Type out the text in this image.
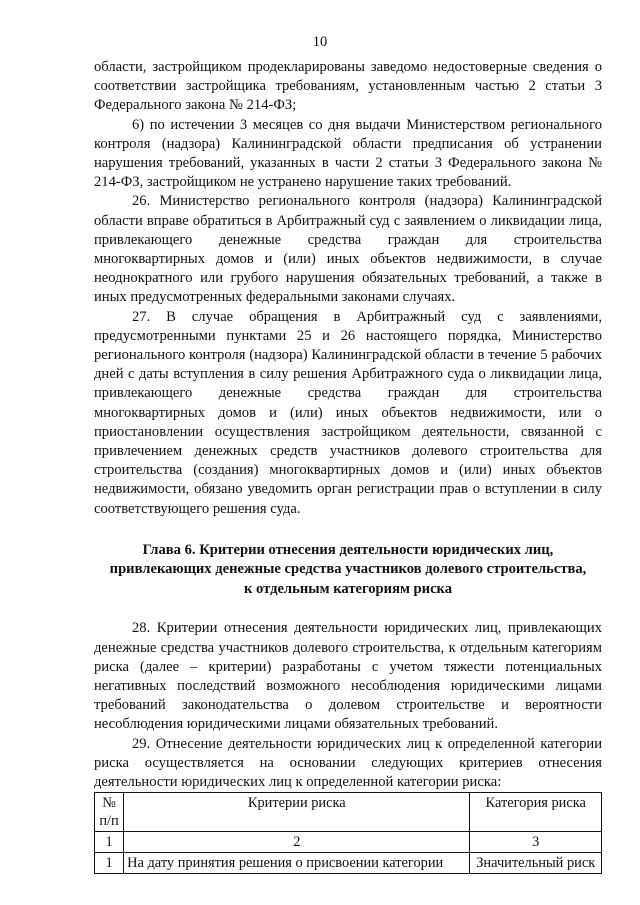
10

области, застройщиком продекларированы заведомо недостоверные сведения о соответствии застройщика требованиям, установленным частью 2 статьи 3 Федерального закона № 214-ФЗ;

6) по истечении 3 месяцев со дня выдачи Министерством регионального контроля (надзора) Калининградской области предписания об устранении нарушения требований, указанных в части 2 статьи 3 Федерального закона № 214-ФЗ, застройщиком не устранено нарушение таких требований.

26. Министерство регионального контроля (надзора) Калининградской области вправе обратиться в Арбитражный суд с заявлением о ликвидации лица, привлекающего денежные средства граждан для строительства многоквартирных домов и (или) иных объектов недвижимости, в случае неоднократного или грубого нарушения обязательных требований, а также в иных предусмотренных федеральными законами случаях.

27. В случае обращения в Арбитражный суд с заявлениями, предусмотренными пунктами 25 и 26 настоящего порядка, Министерство регионального контроля (надзора) Калининградской области в течение 5 рабочих дней с даты вступления в силу решения Арбитражного суда о ликвидации лица, привлекающего денежные средства граждан для строительства многоквартирных домов и (или) иных объектов недвижимости, или о приостановлении осуществления застройщиком деятельности, связанной с привлечением денежных средств участников долевого строительства для строительства (создания) многоквартирных домов и (или) иных объектов недвижимости, обязано уведомить орган регистрации прав о вступлении в силу соответствующего решения суда.

Глава 6. Критерии отнесения деятельности юридических лиц,
привлекающих денежные средства участников долевого строительства,
к отдельным категориям риска

28. Критерии отнесения деятельности юридических лиц, привлекающих денежные средства участников долевого строительства, к отдельным категориям риска (далее – критерии) разработаны с учетом тяжести потенциальных негативных последствий возможного несоблюдения юридическими лицами требований законодательства о долевом строительстве и вероятности несоблюдения юридическими лицами обязательных требований.

29. Отнесение деятельности юридических лиц к определенной категории риска осуществляется на основании следующих критериев отнесения деятельности юридических лиц к определенной категории риска:

№ п/п	Критерии риска	Категория риска
1	2	3
1	На дату принятия решения о присвоении категории	Значительный риск
